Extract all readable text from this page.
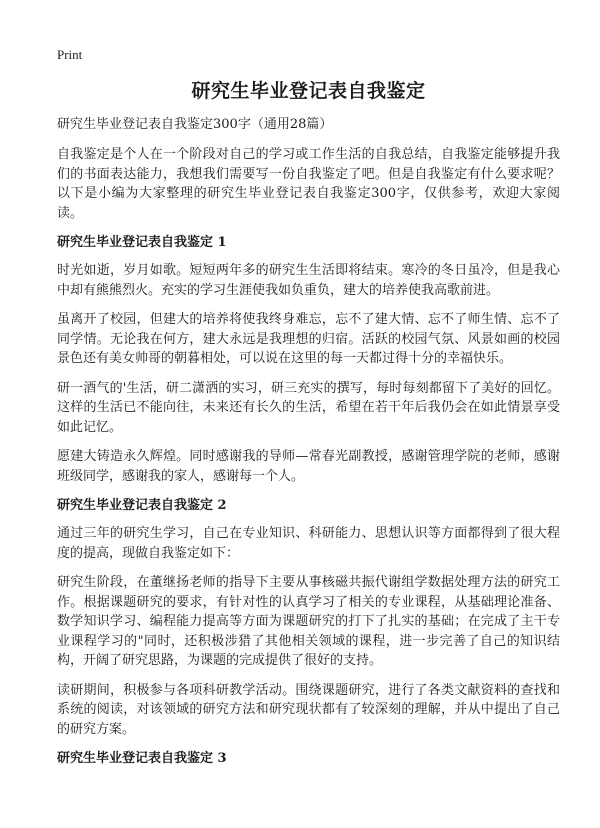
Print
研究生毕业登记表自我鉴定
研究生毕业登记表自我鉴定300字（通用28篇）

自我鉴定是个人在一个阶段对自己的学习或工作生活的自我总结，自我鉴定能够提升我们的书面表达能力，我想我们需要写一份自我鉴定了吧。但是自我鉴定有什么要求呢？以下是小编为大家整理的研究生毕业登记表自我鉴定300字，仅供参考，欢迎大家阅读。

研究生毕业登记表自我鉴定 1

时光如逝，岁月如歌。短短两年多的研究生生活即将结束。寒冷的冬日虽冷，但是我心中却有熊熊烈火。充实的学习生涯使我如负重负，建大的培养使我高歌前进。

虽离开了校园，但建大的培养将使我终身难忘，忘不了建大情、忘不了师生情、忘不了同学情。无论我在何方，建大永远是我理想的归宿。活跃的校园气氛、风景如画的校园景色还有美女帅哥的朝暮相处，可以说在这里的每一天都过得十分的幸福快乐。

研一酒气的'生活，研二潇洒的实习，研三充实的撰写，每时每刻都留下了美好的回忆。这样的生活已不能向往，未来还有长久的生活，希望在若干年后我仍会在如此情景享受如此记忆。

愿建大铸造永久辉煌。同时感谢我的导师—常春光副教授，感谢管理学院的老师，感谢班级同学，感谢我的家人，感谢每一个人。

研究生毕业登记表自我鉴定 2

通过三年的研究生学习，自己在专业知识、科研能力、思想认识等方面都得到了很大程度的提高，现做自我鉴定如下：

研究生阶段，在董继扬老师的指导下主要从事核磁共振代谢组学数据处理方法的研究工作。根据课题研究的要求，有针对性的认真学习了相关的专业课程，从基础理论准备、数学知识学习、编程能力提高等方面为课题研究的打下了扎实的基础；在完成了主干专业课程学习的"同时，还积极涉猎了其他相关领域的课程，进一步完善了自己的知识结构，开阔了研究思路，为课题的完成提供了很好的支持。

读研期间，积极参与各项科研教学活动。围绕课题研究，进行了各类文献资料的查找和系统的阅读，对该领域的研究方法和研究现状都有了较深刻的理解，并从中提出了自己的研究方案。

研究生毕业登记表自我鉴定 3
